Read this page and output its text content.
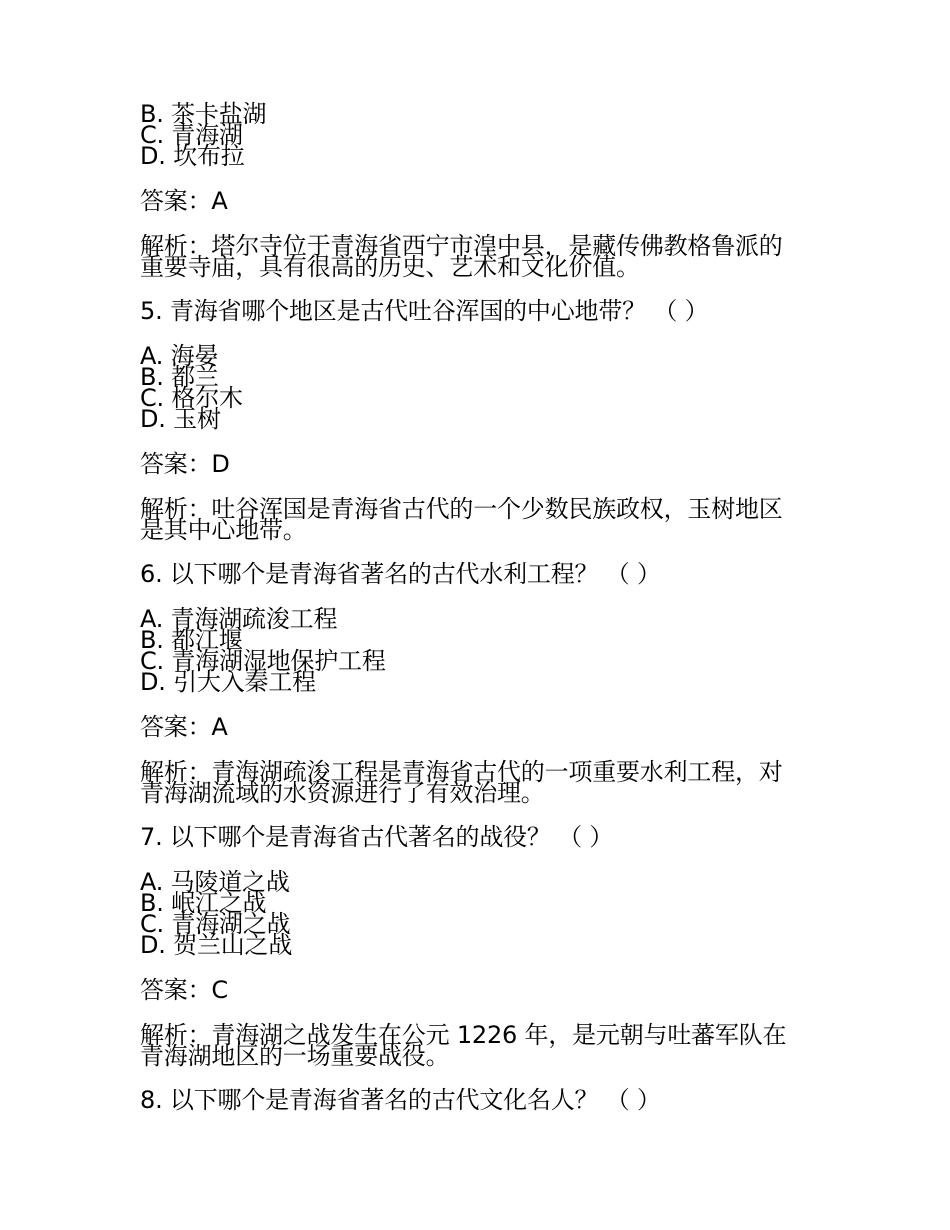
B. 茶卡盐湖
C. 青海湖
D. 坎布拉
答案：A
解析：塔尔寺位于青海省西宁市湟中县，是藏传佛教格鲁派的
重要寺庙，具有很高的历史、艺术和文化价值。
5. 青海省哪个地区是古代吐谷浑国的中心地带？ （ ）
A. 海晏
B. 都兰
C. 格尔木
D. 玉树
答案：D
解析：吐谷浑国是青海省古代的一个少数民族政权，玉树地区
是其中心地带。
6. 以下哪个是青海省著名的古代水利工程？ （ ）
A. 青海湖疏浚工程
B. 都江堰
C. 青海湖湿地保护工程
D. 引大入秦工程
答案：A
解析：青海湖疏浚工程是青海省古代的一项重要水利工程，对
青海湖流域的水资源进行了有效治理。
7. 以下哪个是青海省古代著名的战役？ （ ）
A. 马陵道之战
B. 岷江之战
C. 青海湖之战
D. 贺兰山之战
答案：C
解析：青海湖之战发生在公元 1226 年，是元朝与吐蕃军队在
青海湖地区的一场重要战役。
8. 以下哪个是青海省著名的古代文化名人？ （ ）
